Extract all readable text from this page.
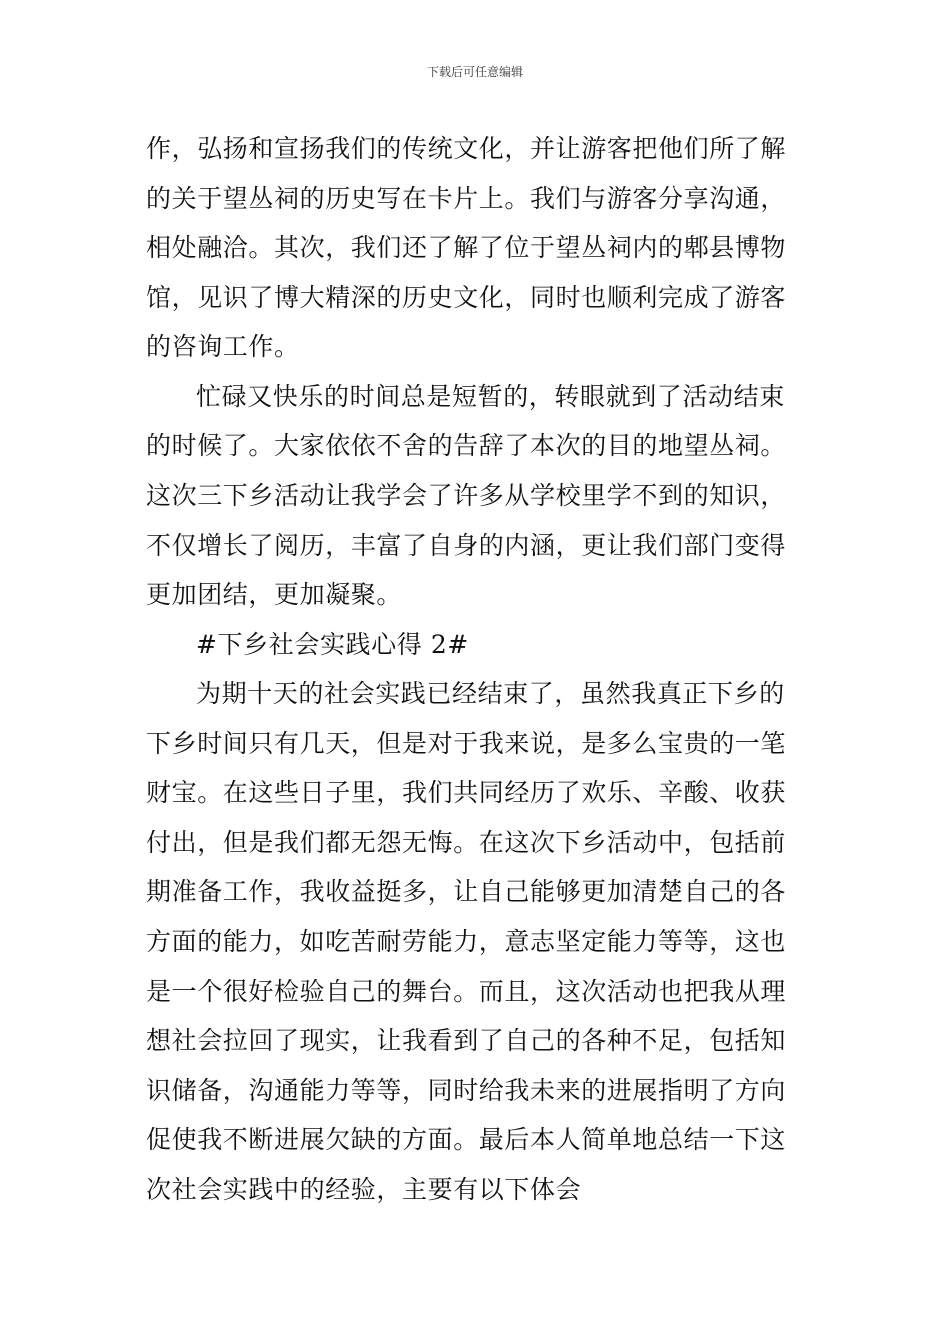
下载后可任意编辑
作，弘扬和宣扬我们的传统文化，并让游客把他们所了解
的关于望丛祠的历史写在卡片上。我们与游客分享沟通，
相处融洽。其次，我们还了解了位于望丛祠内的郫县博物
馆，见识了博大精深的历史文化，同时也顺利完成了游客
的咨询工作。
忙碌又快乐的时间总是短暂的，转眼就到了活动结束
的时候了。大家依依不舍的告辞了本次的目的地望丛祠。
这次三下乡活动让我学会了许多从学校里学不到的知识，
不仅增长了阅历，丰富了自身的内涵，更让我们部门变得
更加团结，更加凝聚。
#下乡社会实践心得 2#
为期十天的社会实践已经结束了，虽然我真正下乡的
下乡时间只有几天，但是对于我来说，是多么宝贵的一笔
财宝。在这些日子里，我们共同经历了欢乐、辛酸、收获
付出，但是我们都无怨无悔。在这次下乡活动中，包括前
期准备工作，我收益挺多，让自己能够更加清楚自己的各
方面的能力，如吃苦耐劳能力，意志坚定能力等等，这也
是一个很好检验自己的舞台。而且，这次活动也把我从理
想社会拉回了现实，让我看到了自己的各种不足，包括知
识储备，沟通能力等等，同时给我未来的进展指明了方向
促使我不断进展欠缺的方面。最后本人简单地总结一下这
次社会实践中的经验，主要有以下体会
